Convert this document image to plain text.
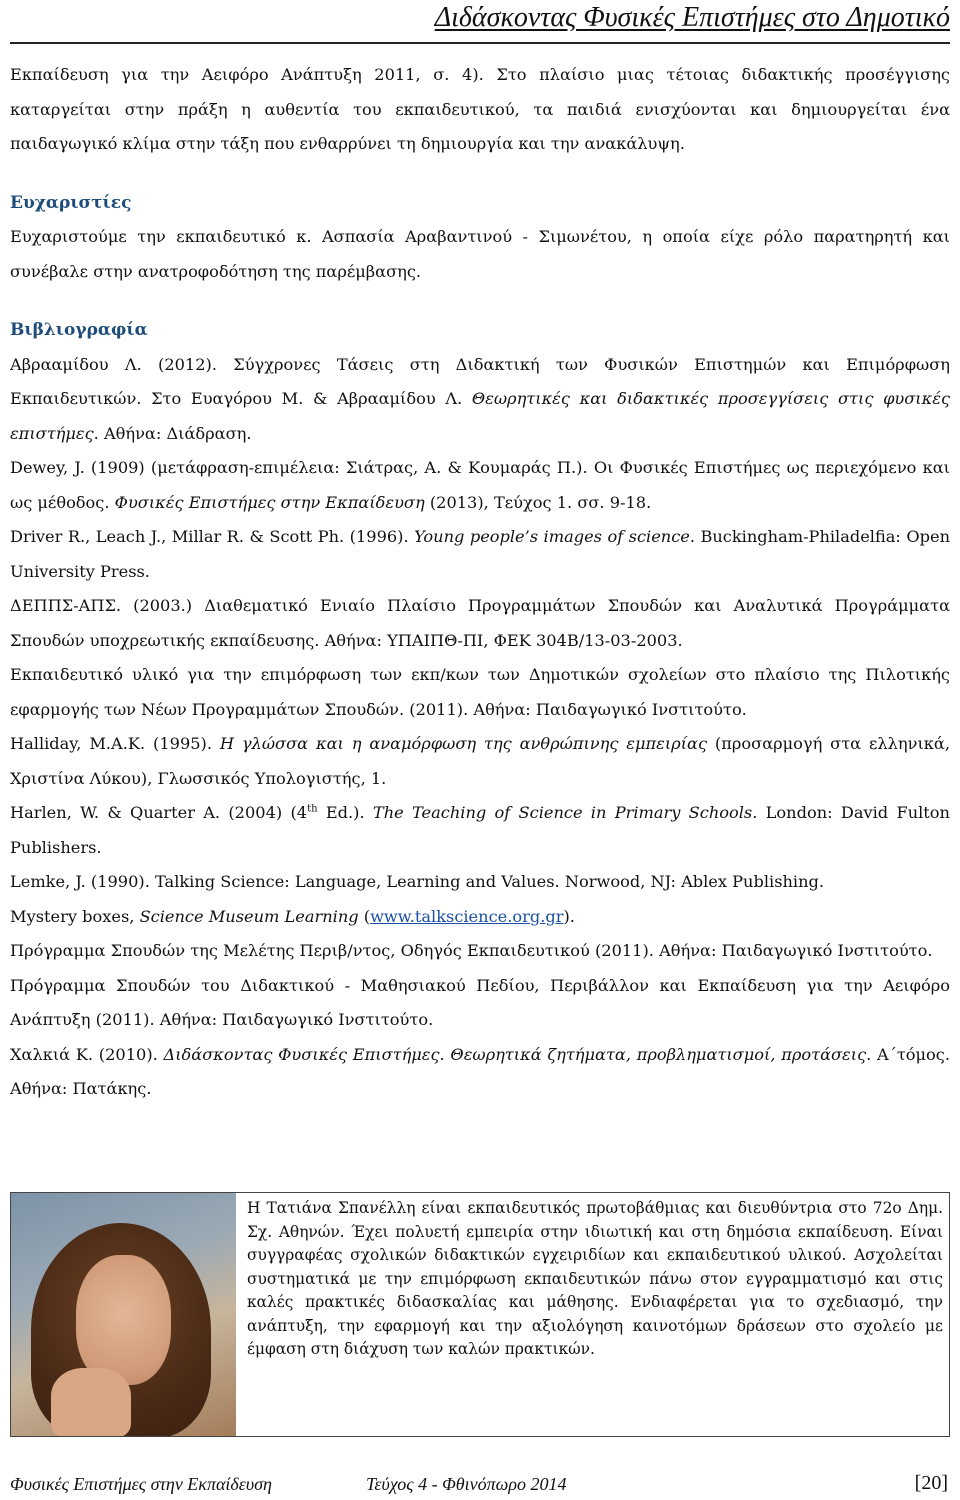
Διδάσκοντας Φυσικές Επιστήμες στο Δημοτικό

Εκπαίδευση για την Αειφόρο Ανάπτυξη 2011, σ. 4). Στο πλαίσιο μιας τέτοιας διδακτικής προσέγγισης καταργείται στην πράξη η αυθεντία του εκπαιδευτικού, τα παιδιά ενισχύονται και δημιουργείται ένα παιδαγωγικό κλίμα στην τάξη που ενθαρρύνει τη δημιουργία και την ανακάλυψη.

Ευχαριστίες

Ευχαριστούμε την εκπαιδευτικό κ. Ασπασία Αραβαντινού - Σιμωνέτου, η οποία είχε ρόλο παρατηρητή και συνέβαλε στην ανατροφοδότηση της παρέμβασης.

Βιβλιογραφία

Αβρααμίδου Λ. (2012). Σύγχρονες Τάσεις στη Διδακτική των Φυσικών Επιστημών και Επιμόρφωση Εκπαιδευτικών. Στο Ευαγόρου Μ. & Αβρααμίδου Λ. Θεωρητικές και διδακτικές προσεγγίσεις στις φυσικές επιστήμες. Αθήνα: Διάδραση.

Dewey, J. (1909) (μετάφραση-επιμέλεια: Σιάτρας, Α. & Κουμαράς Π.). Οι Φυσικές Επιστήμες ως περιεχόμενο και ως μέθοδος. Φυσικές Επιστήμες στην Εκπαίδευση (2013), Τεύχος 1. σσ. 9-18.

Driver R., Leach J., Millar R. & Scott Ph. (1996). Young people’s images of science. Buckingham-Philadelfia: Open University Press.

ΔΕΠΠΣ-ΑΠΣ. (2003.) Διαθεματικό Ενιαίο Πλαίσιο Προγραμμάτων Σπουδών και Αναλυτικά Προγράμματα Σπουδών υποχρεωτικής εκπαίδευσης. Αθήνα: ΥΠΑΙΠΘ-ΠΙ, ΦΕΚ 304Β/13-03-2003.

Εκπαιδευτικό υλικό για την επιμόρφωση των εκπ/κων των Δημοτικών σχολείων στο πλαίσιο της Πιλοτικής εφαρμογής των Νέων Προγραμμάτων Σπουδών. (2011). Αθήνα: Παιδαγωγικό Ινστιτούτο.

Halliday, M.A.K. (1995). Η γλώσσα και η αναμόρφωση της ανθρώπινης εμπειρίας (προσαρμογή στα ελληνικά, Χριστίνα Λύκου), Γλωσσικός Υπολογιστής, 1.

Harlen, W. & Quarter A. (2004) (4th Ed.). The Teaching of Science in Primary Schools. London: David Fulton Publishers.

Lemke, J. (1990). Talking Science: Language, Learning and Values. Norwood, NJ: Ablex Publishing.

Mystery boxes, Science Museum Learning (www.talkscience.org.gr).

Πρόγραμμα Σπουδών της Μελέτης Περιβ/ντος, Οδηγός Εκπαιδευτικού (2011). Αθήνα: Παιδαγωγικό Ινστιτούτο.

Πρόγραμμα Σπουδών του Διδακτικού - Μαθησιακού Πεδίου, Περιβάλλον και Εκπαίδευση για την Αειφόρο Ανάπτυξη (2011). Αθήνα: Παιδαγωγικό Ινστιτούτο.

Χαλκιά Κ. (2010). Διδάσκοντας Φυσικές Επιστήμες. Θεωρητικά ζητήματα, προβληματισμοί, προτάσεις. Α΄τόμος. Αθήνα: Πατάκης.

Η Τατιάνα Σπανέλλη είναι εκπαιδευτικός πρωτοβάθμιας και διευθύντρια στο 72ο Δημ. Σχ. Αθηνών. Έχει πολυετή εμπειρία στην ιδιωτική και στη δημόσια εκπαίδευση. Είναι συγγραφέας σχολικών διδακτικών εγχειριδίων και εκπαιδευτικού υλικού. Ασχολείται συστηματικά με την επιμόρφωση εκπαιδευτικών πάνω στον εγγραμματισμό και στις καλές πρακτικές διδασκαλίας και μάθησης. Ενδιαφέρεται για το σχεδιασμό, την ανάπτυξη, την εφαρμογή και την αξιολόγηση καινοτόμων δράσεων στο σχολείο με έμφαση στη διάχυση των καλών πρακτικών.

Φυσικές Επιστήμες στην Εκπαίδευση	Τεύχος 4 - Φθινόπωρο 2014	[20]
